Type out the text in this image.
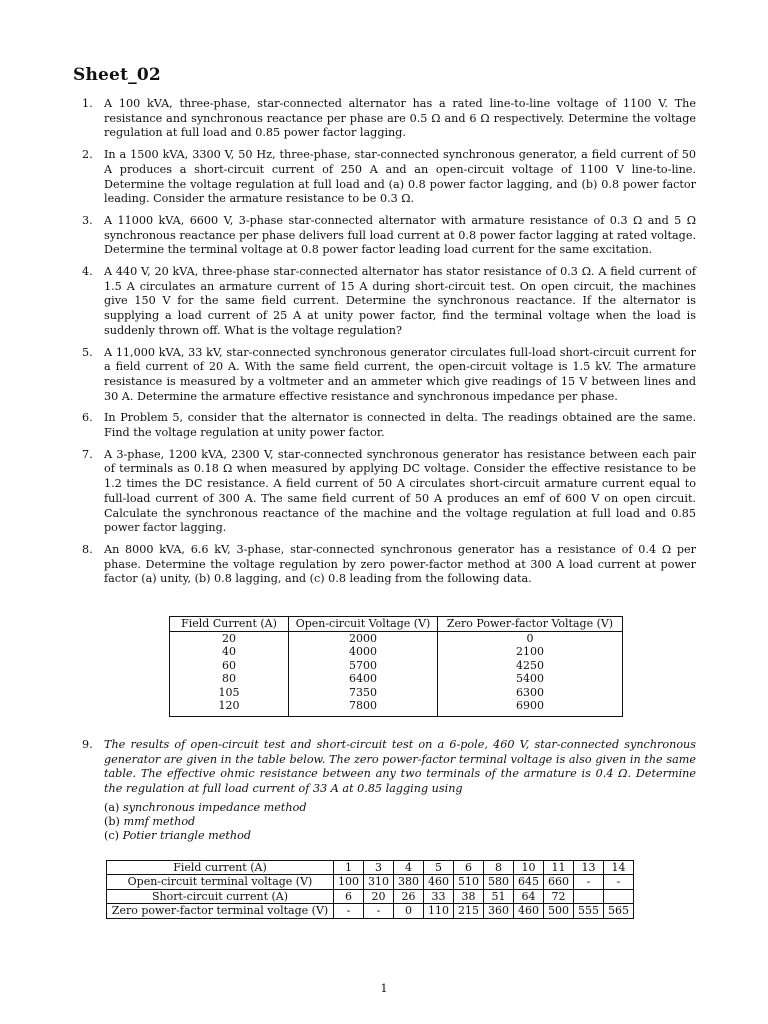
Sheet_02
1. A 100 kVA, three-phase, star-connected alternator has a rated line-to-line voltage of 1100 V. The resistance and synchronous reactance per phase are 0.5 Ω and 6 Ω respectively. Determine the voltage regulation at full load and 0.85 power factor lagging.
2. In a 1500 kVA, 3300 V, 50 Hz, three-phase, star-connected synchronous generator, a field current of 50 A produces a short-circuit current of 250 A and an open-circuit voltage of 1100 V line-to-line. Determine the voltage regulation at full load and (a) 0.8 power factor lagging, and (b) 0.8 power factor leading. Consider the armature resistance to be 0.3 Ω.
3. A 11000 kVA, 6600 V, 3-phase star-connected alternator with armature resistance of 0.3 Ω and 5 Ω synchronous reactance per phase delivers full load current at 0.8 power factor lagging at rated voltage. Determine the terminal voltage at 0.8 power factor leading load current for the same excitation.
4. A 440 V, 20 kVA, three-phase star-connected alternator has stator resistance of 0.3 Ω. A field current of 1.5 A circulates an armature current of 15 A during short-circuit test. On open circuit, the machines give 150 V for the same field current. Determine the synchronous reactance. If the alternator is supplying a load current of 25 A at unity power factor, find the terminal voltage when the load is suddenly thrown off. What is the voltage regulation?
5. A 11,000 kVA, 33 kV, star-connected synchronous generator circulates full-load short-circuit current for a field current of 20 A. With the same field current, the open-circuit voltage is 1.5 kV. The armature resistance is measured by a voltmeter and an ammeter which give readings of 15 V between lines and 30 A. Determine the armature effective resistance and synchronous impedance per phase.
6. In Problem 5, consider that the alternator is connected in delta. The readings obtained are the same. Find the voltage regulation at unity power factor.
7. A 3-phase, 1200 kVA, 2300 V, star-connected synchronous generator has resistance between each pair of terminals as 0.18 Ω when measured by applying DC voltage. Consider the effective resistance to be 1.2 times the DC resistance. A field current of 50 A circulates short-circuit armature current equal to full-load current of 300 A. The same field current of 50 A produces an emf of 600 V on open circuit. Calculate the synchronous reactance of the machine and the voltage regulation at full load and 0.85 power factor lagging.
8. An 8000 kVA, 6.6 kV, 3-phase, star-connected synchronous generator has a resistance of 0.4 Ω per phase. Determine the voltage regulation by zero power-factor method at 300 A load current at power factor (a) unity, (b) 0.8 lagging, and (c) 0.8 leading from the following data.
Field Current (A)	Open-circuit Voltage (V)	Zero Power-factor Voltage (V)
20	2000	0
40	4000	2100
60	5700	4250
80	6400	5400
105	7350	6300
120	7800	6900
9. The results of open-circuit test and short-circuit test on a 6-pole, 460 V, star-connected synchronous generator are given in the table below. The zero power-factor terminal voltage is also given in the same table. The effective ohmic resistance between any two terminals of the armature is 0.4 Ω. Determine the regulation at full load current of 33 A at 0.85 lagging using
(a) synchronous impedance method
(b) mmf method
(c) Potier triangle method
Field current (A)	1	3	4	5	6	8	10	11	13	14
Open-circuit terminal voltage (V)	100	310	380	460	510	580	645	660	-	-
Short-circuit current (A)	6	20	26	33	38	51	64	72		
Zero power-factor terminal voltage (V)	-	-	0	110	215	360	460	500	555	565
1
